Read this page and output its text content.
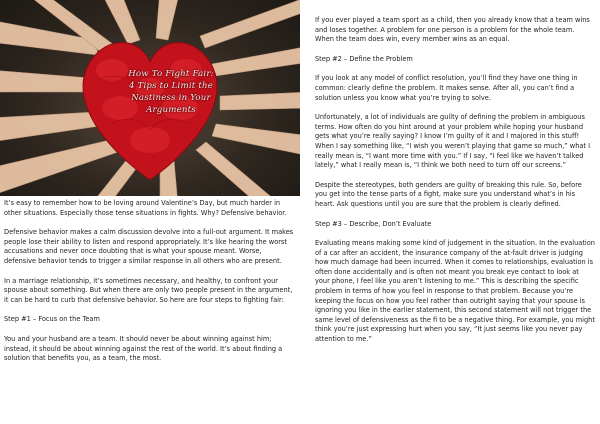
How To Fight Fair:
4 Tips to Limit the
Nastiness in Your
Arguments

It’s easy to remember how to be loving around Valentine’s Day, but much harder in other situations. Especially those tense situations in fights. Why? Defensive behavior.

Defensive behavior makes a calm discussion devolve into a full-out argument. It makes people lose their ability to listen and respond appropriately. It’s like hearing the worst accusations and never once doubting that is what your spouse meant. Worse, defensive behavior tends to trigger a similar response in all others who are present.

In a marriage relationship, it’s sometimes necessary, and healthy, to confront your spouse about something. But when there are only two people present in the argument, it can be hard to curb that defensive behavior. So here are four steps to fighting fair:

Step #1 – Focus on the Team

You and your husband are a team. It should never be about winning against him; instead, it should be about winning against the rest of the world. It’s about finding a solution that benefits you, as a team, the most.

If you ever played a team sport as a child, then you already know that a team wins and loses together. A problem for one person is a problem for the whole team. When the team does win, every member wins as an equal.

Step #2 – Define the Problem

If you look at any model of conflict resolution, you’ll find they have one thing in common: clearly define the problem. It makes sense. After all, you can’t find a solution unless you know what you’re trying to solve.

Unfortunately, a lot of individuals are guilty of defining the problem in ambiguous terms. How often do you hint around at your problem while hoping your husband gets what you’re really saying? I know I’m guilty of it and I majored in this stuff! When I say something like, “I wish you weren’t playing that game so much,” what I really mean is, “I want more time with you.” If I say, “I feel like we haven’t talked lately,” what I really mean is, “I think we both need to turn off our screens.”

Despite the stereotypes, both genders are guilty of breaking this rule. So, before you get into the tense parts of a fight, make sure you understand what’s in his heart. Ask questions until you are sure that the problem is clearly defined.

Step #3 – Describe, Don’t Evaluate

Evaluating means making some kind of judgement in the situation. In the evaluation of a car after an accident, the insurance company of the at-fault driver is judging how much damage had been incurred. When it comes to relationships, evaluation is often done accidentally and is often not meant you break eye contact to look at your phone, I feel like you aren’t listening to me.” This is describing the specific problem in terms of how you feel in response to that problem. Because you’re keeping the focus on how you feel rather than outright saying that your spouse is ignoring you like in the earlier statement, this second statement will not trigger the same level of defensiveness as the fi to be a negative thing. For example, you might think you’re just expressing hurt when you say, “It just seems like you never pay attention to me.”
